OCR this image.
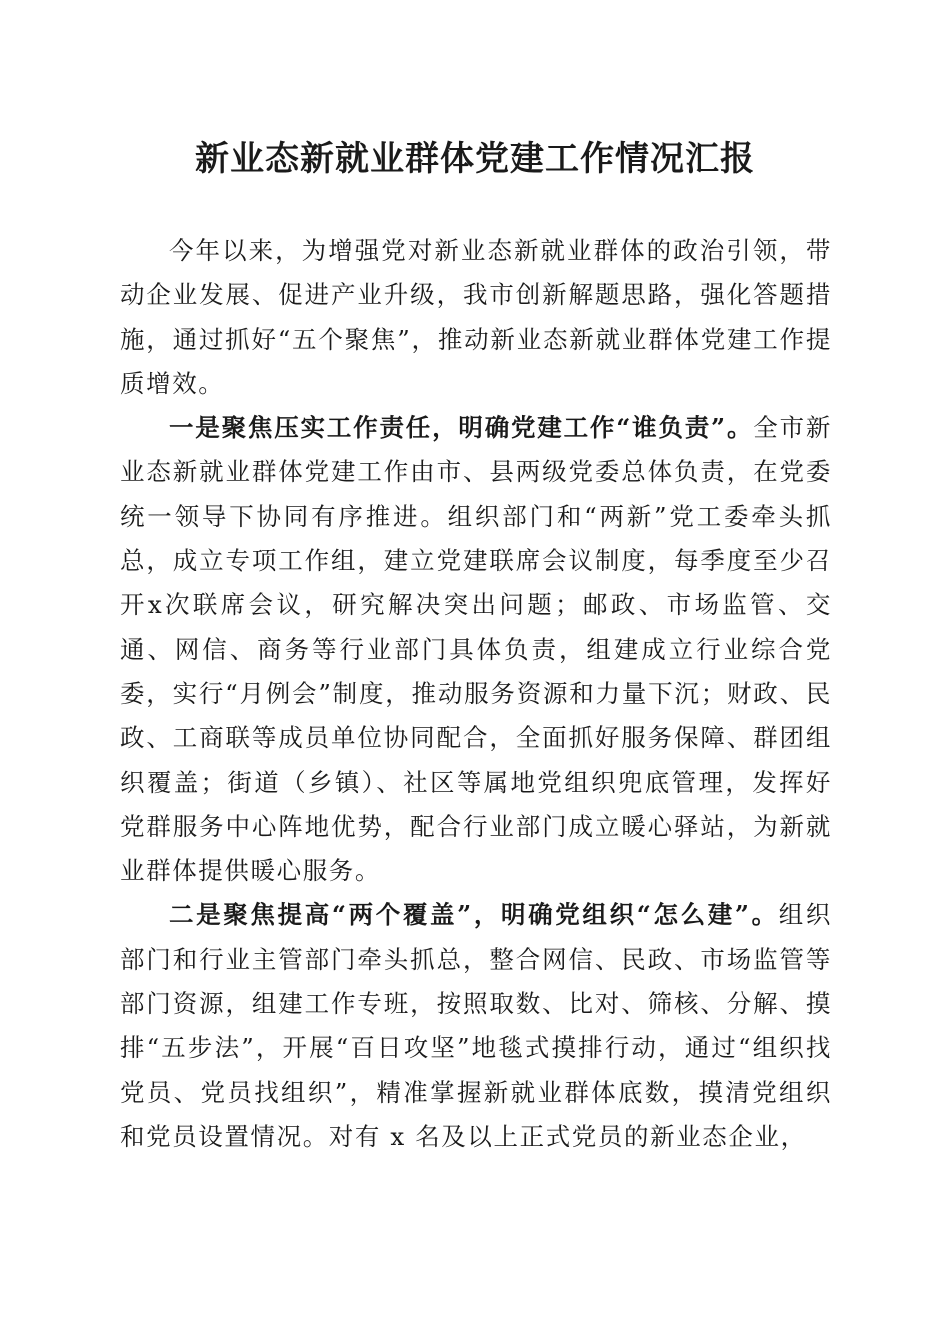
新业态新就业群体党建工作情况汇报

今年以来，为增强党对新业态新就业群体的政治引领，带动企业发展、促进产业升级，我市创新解题思路，强化答题措施，通过抓好“五个聚焦”，推动新业态新就业群体党建工作提质增效。

一是聚焦压实工作责任，明确党建工作“谁负责”。全市新业态新就业群体党建工作由市、县两级党委总体负责，在党委统一领导下协同有序推进。组织部门和“两新”党工委牵头抓总，成立专项工作组，建立党建联席会议制度，每季度至少召开x次联席会议，研究解决突出问题；邮政、市场监管、交通、网信、商务等行业部门具体负责，组建成立行业综合党委，实行“月例会”制度，推动服务资源和力量下沉；财政、民政、工商联等成员单位协同配合，全面抓好服务保障、群团组织覆盖；街道（乡镇）、社区等属地党组织兜底管理，发挥好党群服务中心阵地优势，配合行业部门成立暖心驿站，为新就业群体提供暖心服务。

二是聚焦提高“两个覆盖”，明确党组织“怎么建”。组织部门和行业主管部门牵头抓总，整合网信、民政、市场监管等部门资源，组建工作专班，按照取数、比对、筛核、分解、摸排“五步法”，开展“百日攻坚”地毯式摸排行动，通过“组织找党员、党员找组织”，精准掌握新就业群体底数，摸清党组织和党员设置情况。对有 x 名及以上正式党员的新业态企业，
